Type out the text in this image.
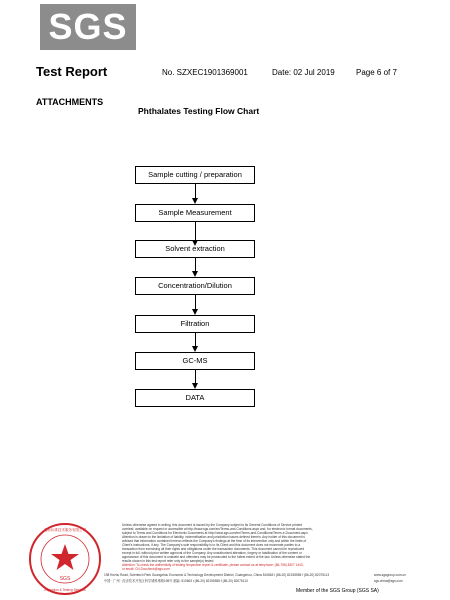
SGS
Test Report	No. SZXEC1901369001	Date: 02 Jul 2019	Page 6 of 7
ATTACHMENTS
Phthalates Testing Flow Chart
Sample cutting / preparation
Sample Measurement
Solvent extraction
Concentration/Dilution
Filtration
GC-MS
DATA
SGS
通标标准技术服务有限公司
Inspection & Testing Services
Unless otherwise agreed in writing, this document is issued by the Company subject to its General Conditions of Service printed
overleaf, available on request or accessible at http://www.sgs.com/en/Terms-and-Conditions.aspx and, for electronic format documents,
subject to Terms and Conditions for Electronic Documents at http://www.sgs.com/en/Terms-and-Conditions/Terms-e-Document.aspx.
Attention is drawn to the limitation of liability, indemnification and jurisdiction issues defined therein. Any holder of this document is
advised that information contained hereon reflects the Company's findings at the time of its intervention only and within the limits of
Client's instructions, if any. The Company's sole responsibility is to its Client and this document does not exonerate parties to a
transaction from exercising all their rights and obligations under the transaction documents. This document cannot be reproduced
except in full, without prior written approval of the Company. Any unauthorized alteration, forgery or falsification of the content or
appearance of this document is unlawful and offenders may be prosecuted to the fullest extent of the law. Unless otherwise stated the
results shown in this test report refer only to the sample(s) tested
Attention: To check the authenticity of testing /inspection report & certificate, please contact us at telephone: (86-755) 8307 1443,
or email: CN.Doccheck@sgs.com
198 Kezhu Road, Scientech Park Guangzhou Economic & Technology Development District, Guangzhou, China 510663 t (86-20) 82155555 f (86-20) 82075113
中国 · 广州 · 经济技术开发区科学城科珠路198号 邮编: 510663 t (86-20) 82155555 f (86-20) 82075113
www.sgsgroup.com.cn
sgs.china@sgs.com
Member of the SGS Group (SGS SA)
